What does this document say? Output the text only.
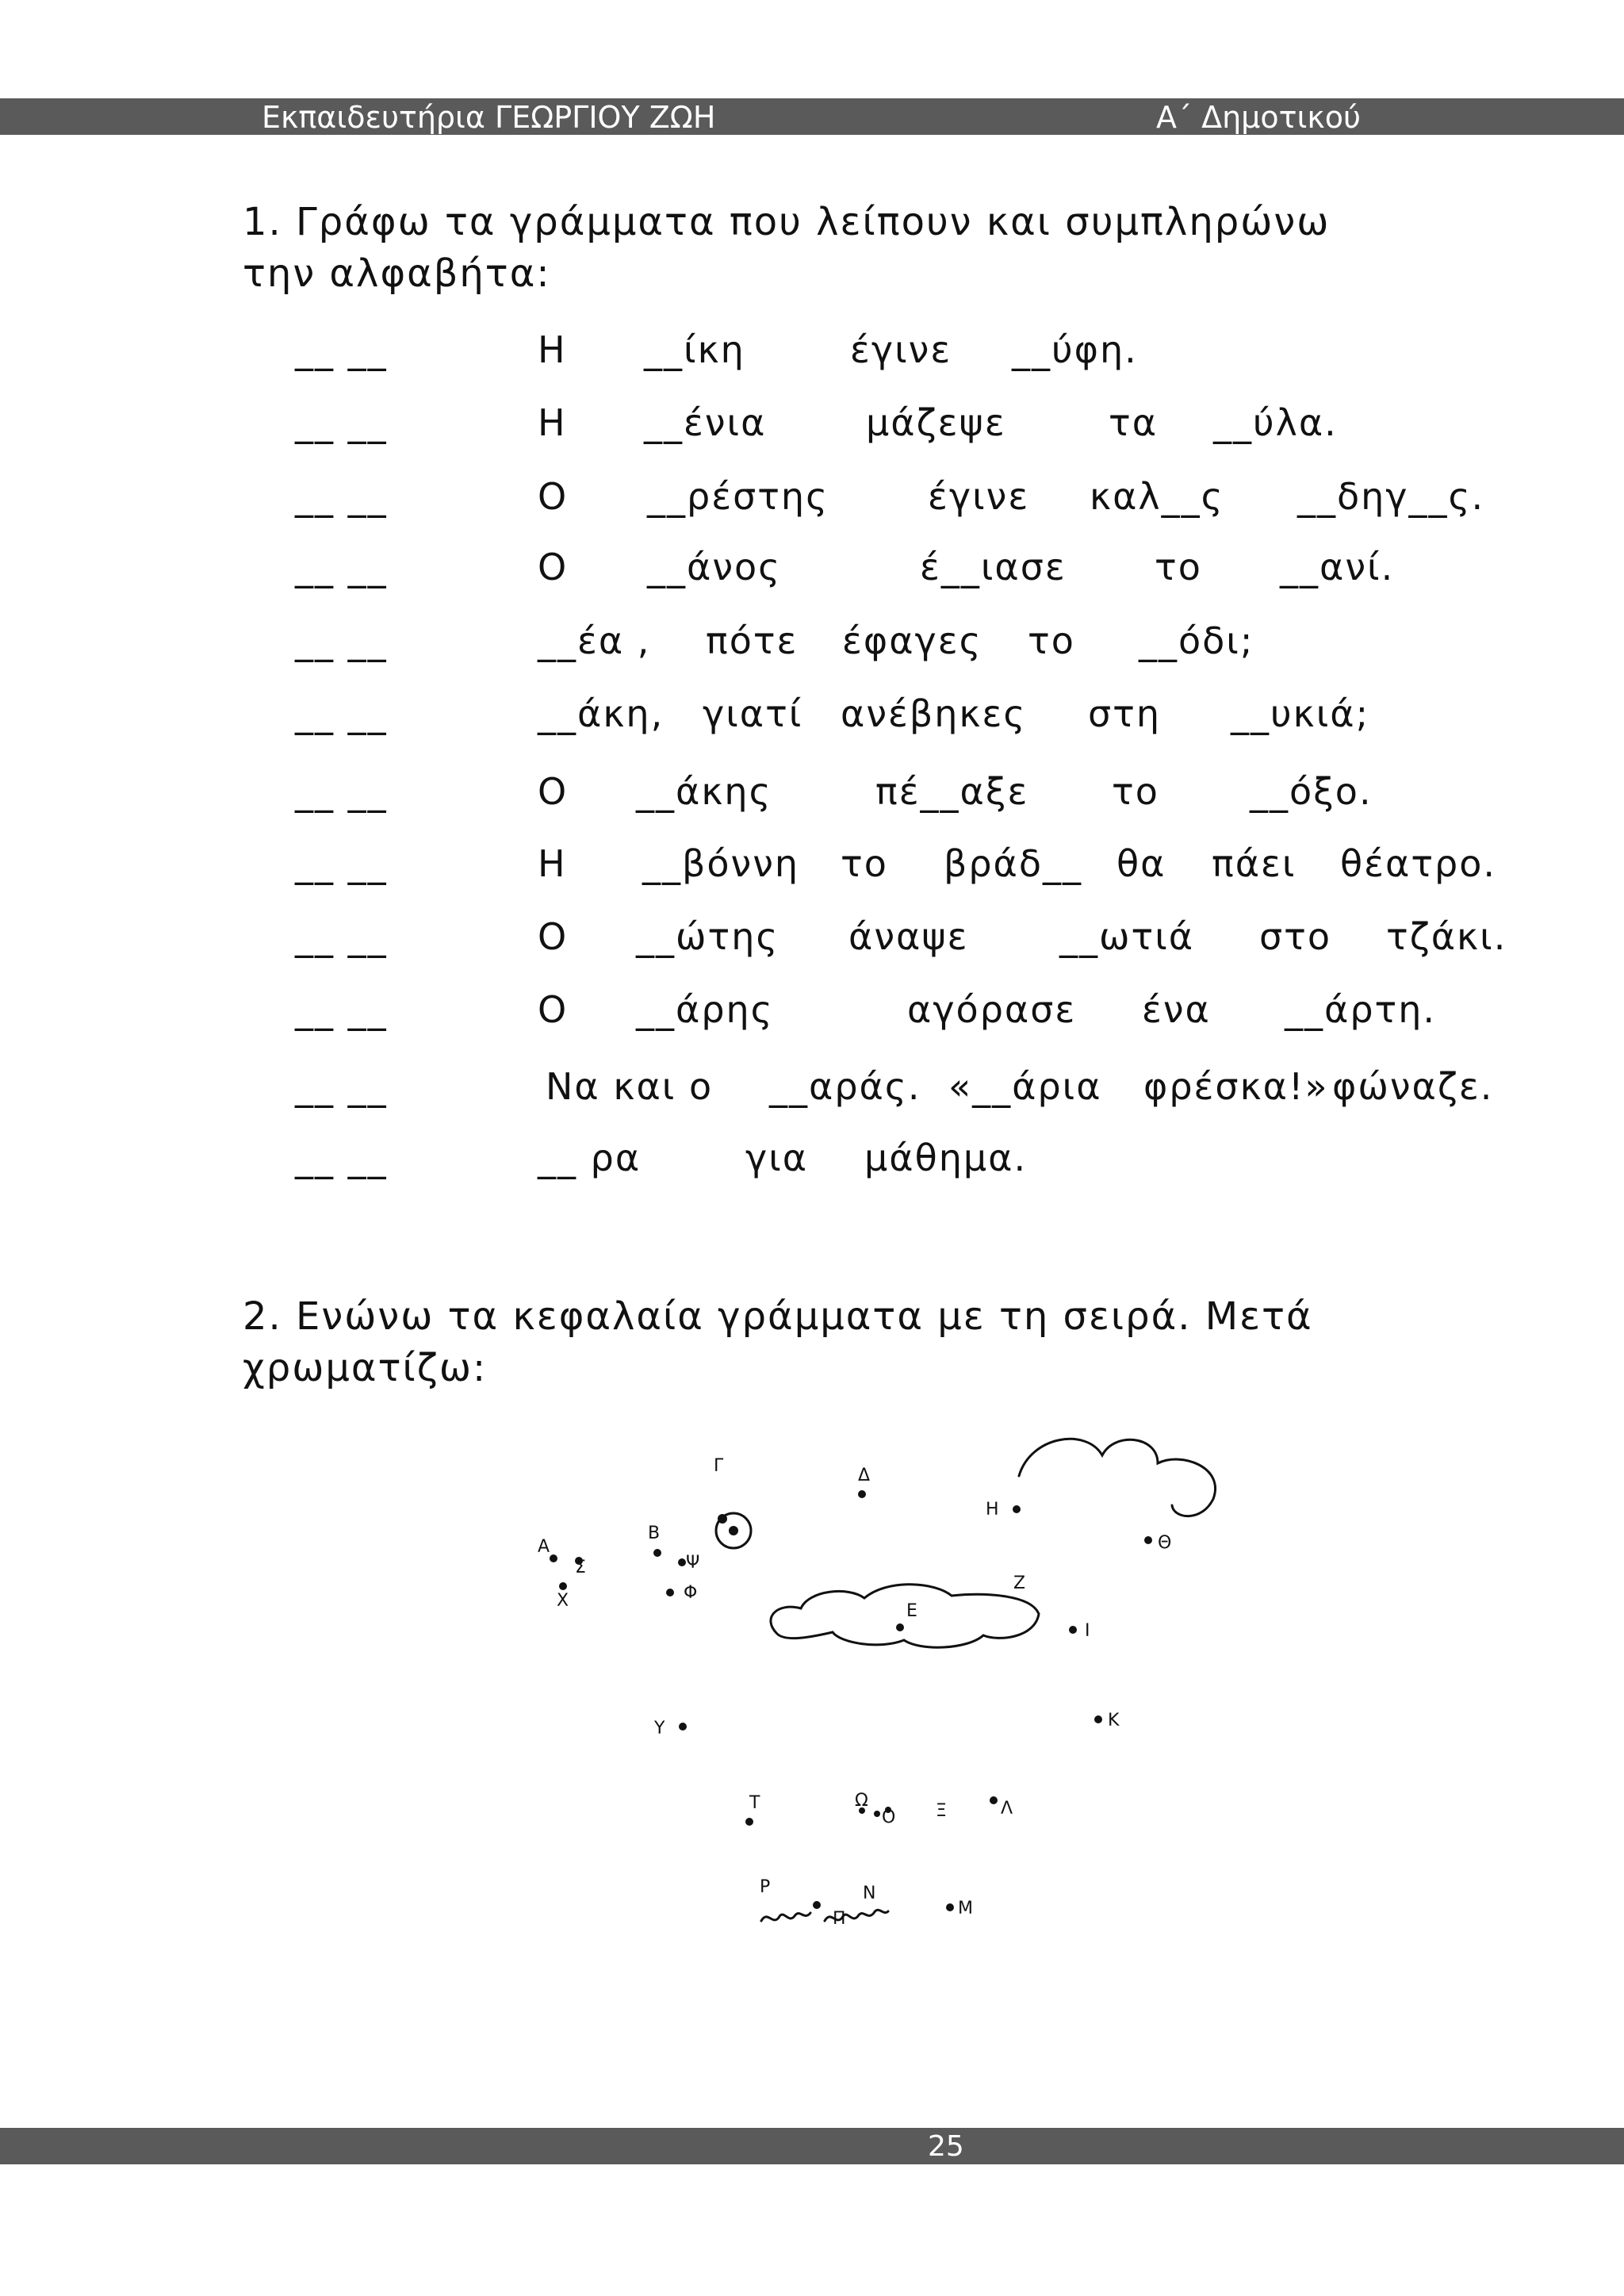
Εκπαιδευτήρια ΓΕΩΡΓΙΟΥ ΖΩΗ	Α΄ Δημοτικού
1. Γράφω τα γράμματα που λείπουν και συμπληρώνω
την αλφαβήτα:
__ __	Η __ίκη	έγινε __ύφη.
__ __	Η __ένια	μάζεψε	τα __ύλα.
__ __	Ο __ρέστης	έγινε καλ__ς __δηγ__ς.
__ __	Ο __άνος	έ__ιασε το __ανί.
__ __	__έα , πότε έφαγες το __όδι;
__ __	__άκη, γιατί ανέβηκες στη __υκιά;
__ __	Ο __άκης	πέ__αξε το __όξο.
__ __	Η __βόννη το βράδ__ θα πάει θέατρο.
__ __	Ο __ώτης άναψε __ωτιά στο τζάκι.
__ __	Ο __άρης	αγόρασε ένα __άρτη.
__ __	Να και ο __αράς. «__άρια φρέσκα!» φώναζε.
__ __	__ ρα	για μάθημα.
2. Ενώνω τα κεφαλαία γράμματα με τη σειρά. Μετά
χρωματίζω:
Α
Β
Γ	Δ
Ε
Ζ
Η
Θ
Ι
Κ
Λ
Ξ
Ο
Π
Ρ
Σ
Τ
Υ
Φ
Χ
Ψ
Ω
Ν
Μ
25
